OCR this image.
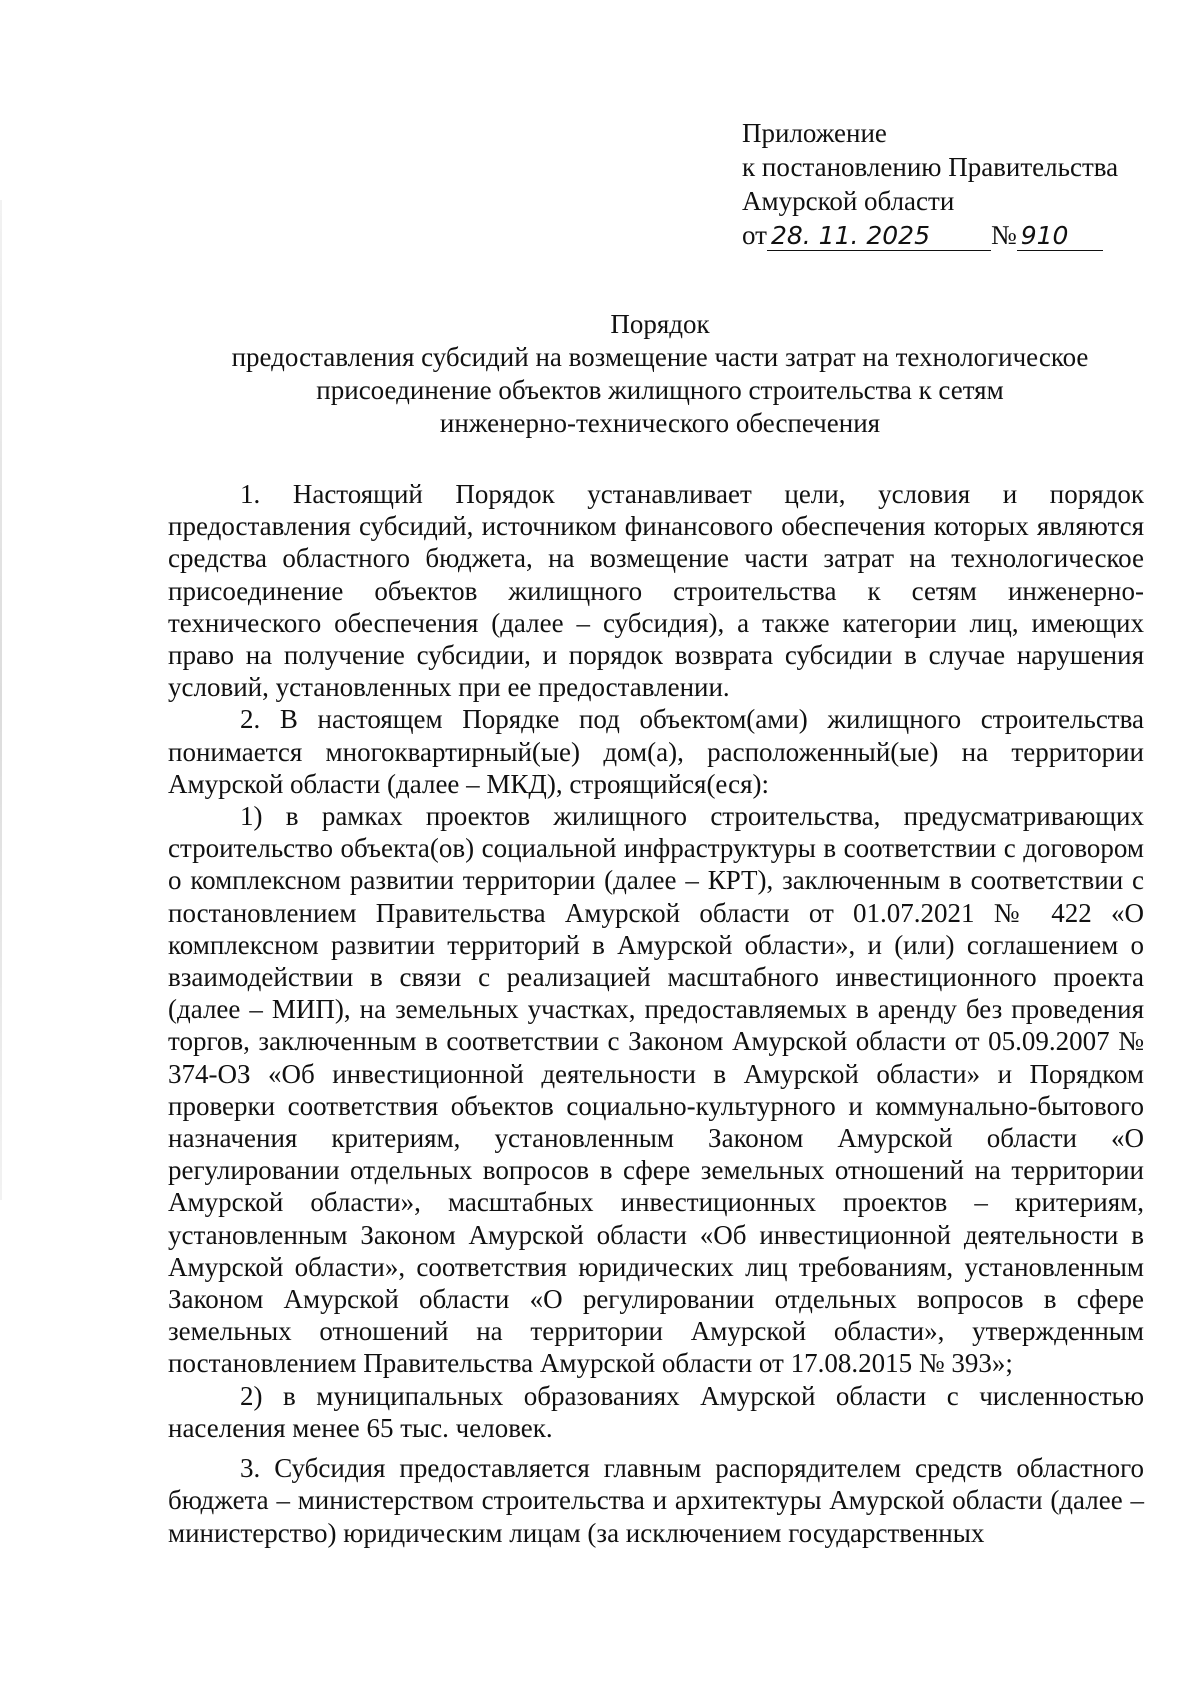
Приложение
к постановлению Правительства
Амурской области
от 28. 11. 2025 № 910
Порядок
предоставления субсидий на возмещение части затрат на технологическое
присоединение объектов жилищного строительства к сетям
инженерно-технического обеспечения

1. Настоящий Порядок устанавливает цели, условия и порядок предоставления субсидий, источником финансового обеспечения которых являются средства областного бюджета, на возмещение части затрат на технологическое присоединение объектов жилищного строительства к сетям инженерно-технического обеспечения (далее – субсидия), а также категории лиц, имеющих право на получение субсидии, и порядок возврата субсидии в случае нарушения условий, установленных при ее предоставлении.

2. В настоящем Порядке под объектом(ами) жилищного строительства понимается многоквартирный(ые) дом(а), расположенный(ые) на территории Амурской области (далее – МКД), строящийся(еся):

1) в рамках проектов жилищного строительства, предусматривающих строительство объекта(ов) социальной инфраструктуры в соответствии с договором о комплексном развитии территории (далее – КРТ), заключенным в соответствии с постановлением Правительства Амурской области от 01.07.2021 № 422 «О комплексном развитии территорий в Амурской области», и (или) соглашением о взаимодействии в связи с реализацией масштабного инвестиционного проекта (далее – МИП), на земельных участках, предоставляемых в аренду без проведения торгов, заключенным в соответствии с Законом Амурской области от 05.09.2007 № 374-ОЗ «Об инвестиционной деятельности в Амурской области» и Порядком проверки соответствия объектов социально-культурного и коммунально-бытового назначения критериям, установленным Законом Амурской области «О регулировании отдельных вопросов в сфере земельных отношений на территории Амурской области», масштабных инвестиционных проектов – критериям, установленным Законом Амурской области «Об инвестиционной деятельности в Амурской области», соответствия юридических лиц требованиям, установленным Законом Амурской области «О регулировании отдельных вопросов в сфере земельных отношений на территории Амурской области», утвержденным постановлением Правительства Амурской области от 17.08.2015 № 393»;

2) в муниципальных образованиях Амурской области с численностью населения менее 65 тыс. человек.

3. Субсидия предоставляется главным распорядителем средств областного бюджета – министерством строительства и архитектуры Амурской области (далее – министерство) юридическим лицам (за исключением государственных
